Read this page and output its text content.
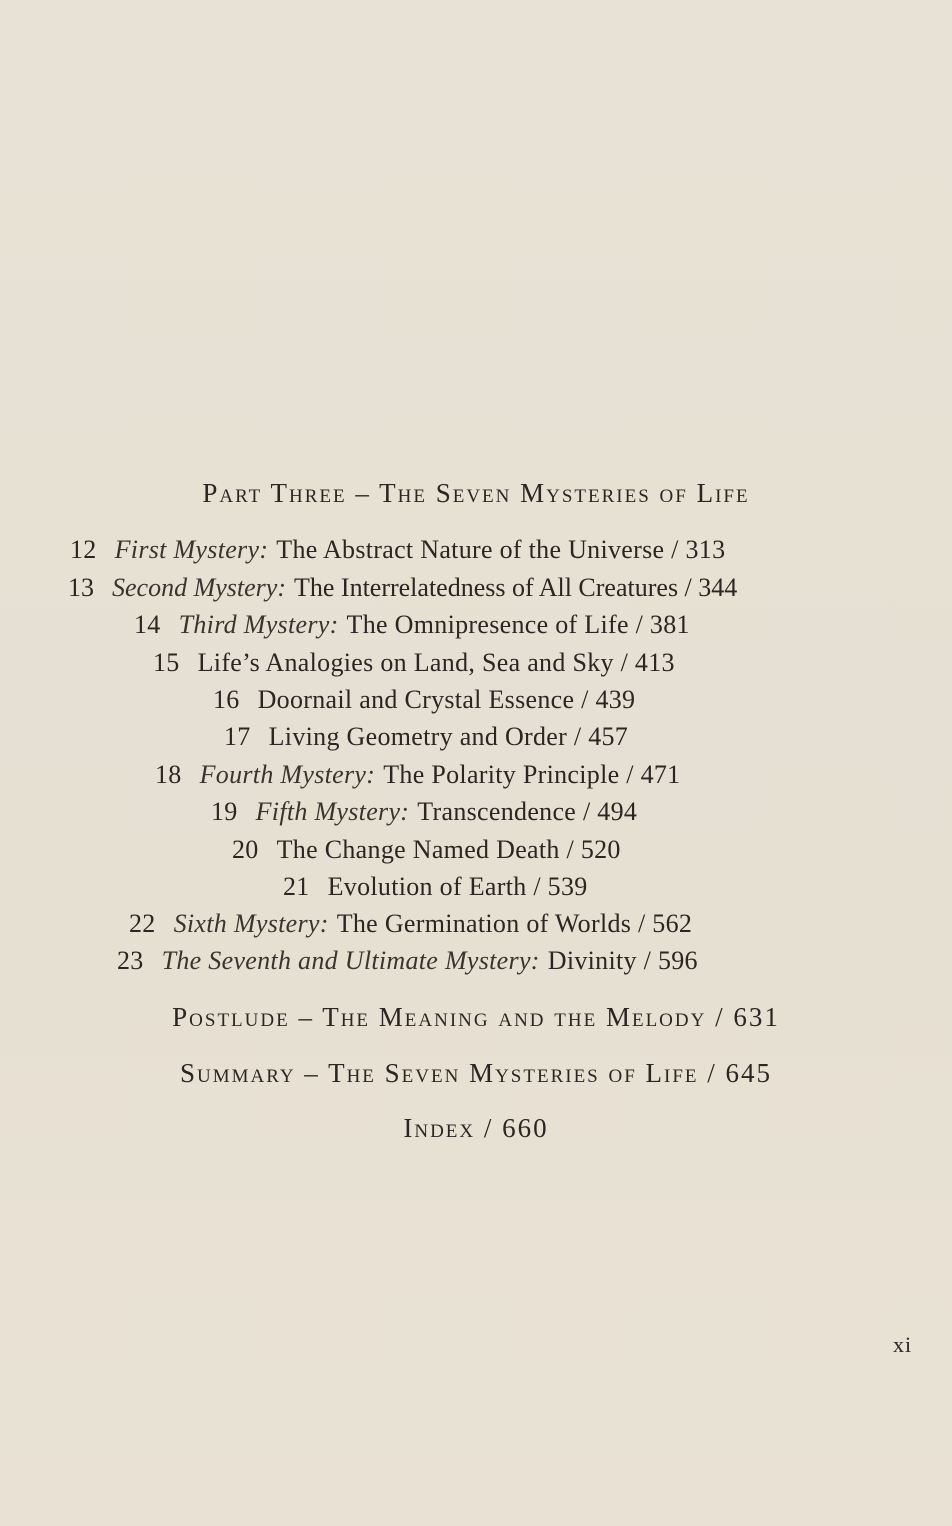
Part Three – The Seven Mysteries of Life
12 First Mystery: The Abstract Nature of the Universe / 313
13 Second Mystery: The Interrelatedness of All Creatures / 344
14 Third Mystery: The Omnipresence of Life / 381
15 Life’s Analogies on Land, Sea and Sky / 413
16 Doornail and Crystal Essence / 439
17 Living Geometry and Order / 457
18 Fourth Mystery: The Polarity Principle / 471
19 Fifth Mystery: Transcendence / 494
20 The Change Named Death / 520
21 Evolution of Earth / 539
22 Sixth Mystery: The Germination of Worlds / 562
23 The Seventh and Ultimate Mystery: Divinity / 596
Postlude – The Meaning and the Melody / 631
Summary – The Seven Mysteries of Life / 645
Index / 660
xi
